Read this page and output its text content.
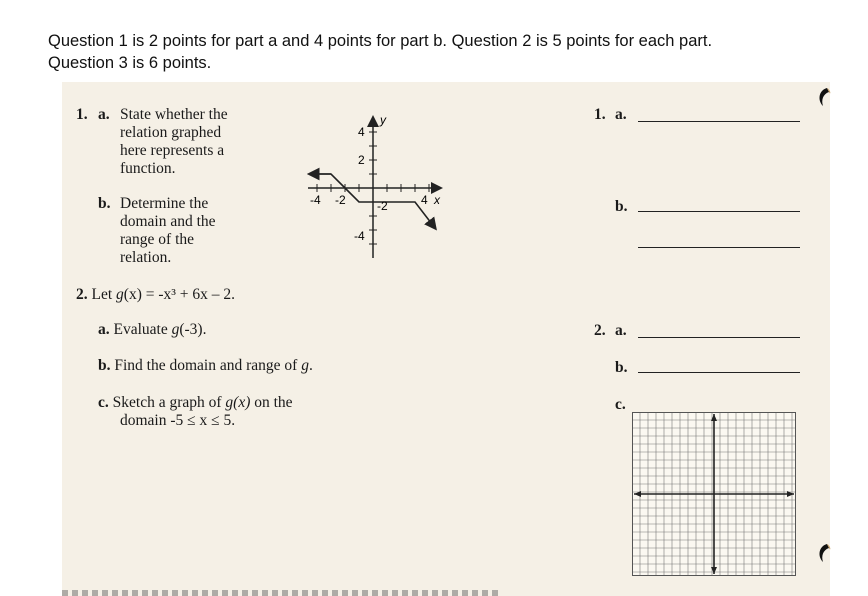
Question 1 is 2 points for part a and 4 points for part b. Question 2 is 5 points for each part.
Question 3 is 6 points.
1. a. State whether the
relation graphed
here represents a
function.
b. Determine the
domain and the
range of the
relation.
y
4
2
-2
-4
-4 -2	4 x
2. Let g(x) = -x³ + 6x – 2.
a. Evaluate g(-3).
b. Find the domain and range of g.
c. Sketch a graph of g(x) on the
domain -5 ≤ x ≤ 5.
1. a.
b.
2. a.
b.
c.
